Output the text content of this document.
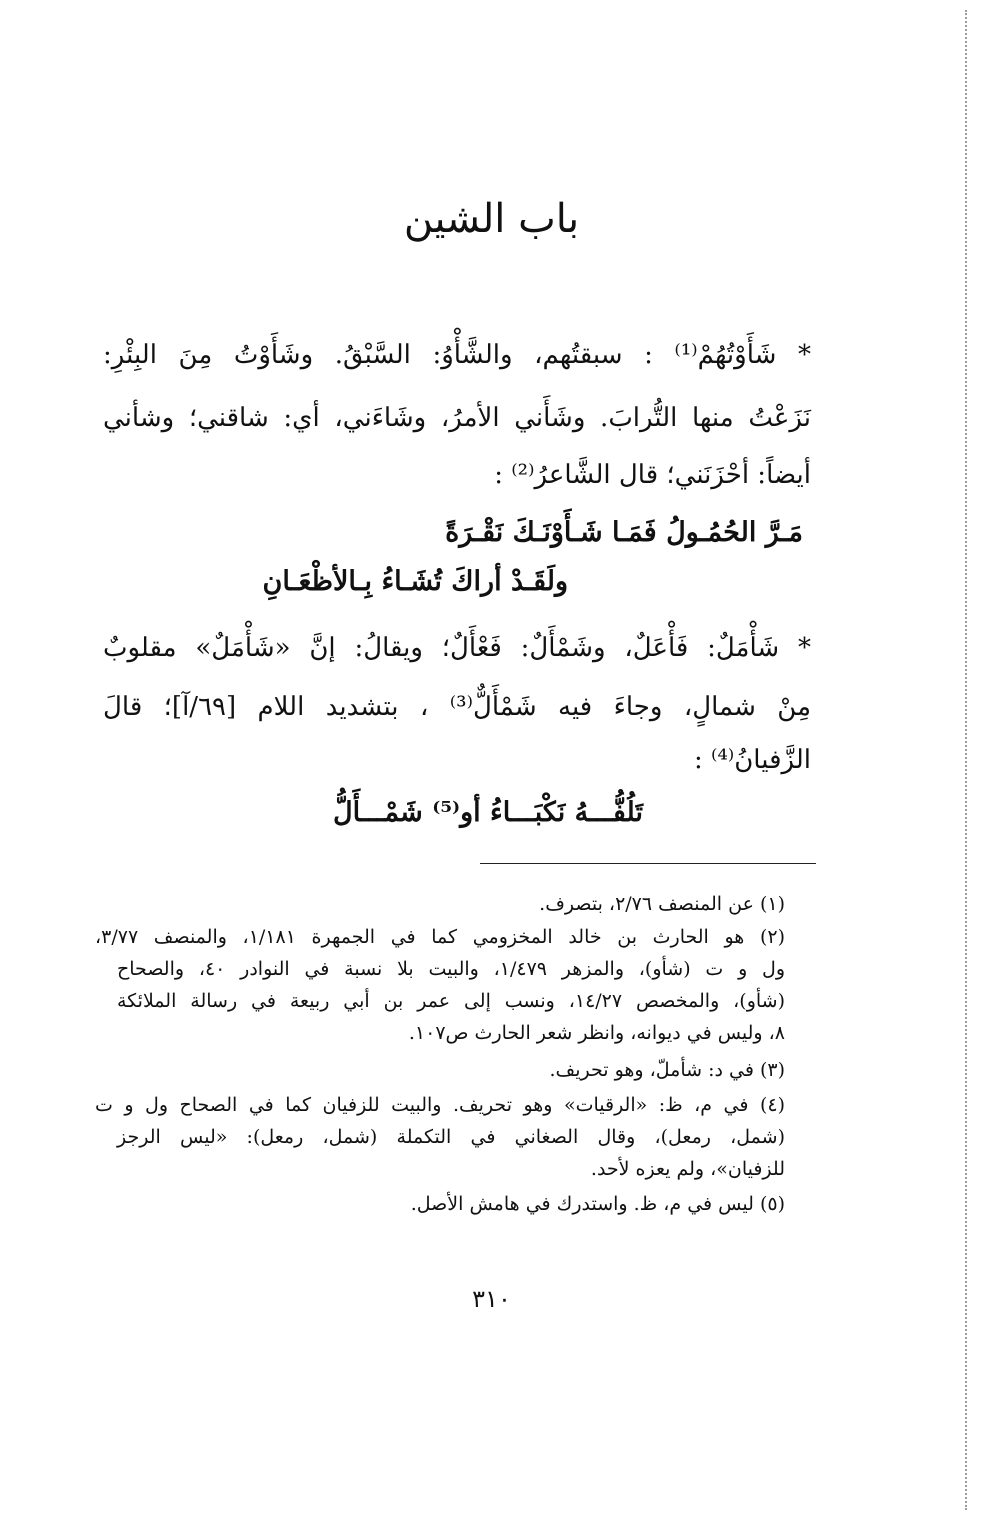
باب الشين
* شَأَوْتُهُمْ⁽¹⁾ : سبقتُهم، والشَّأْوُ: السَّبْقُ. وشَأَوْتُ مِنَ البِئْرِ:
نَزَعْتُ منها التُّرابَ. وشَأَني الأمرُ، وشَاءَني، أي: شاقني؛ وشأني
أيضاً: أحْزَنَني؛ قال الشَّاعرُ⁽²⁾ :
مَـرَّ الحُمُـولُ فَمَـا شَـأَوْنَـكَ نَقْـرَةً
ولَقَـدْ أراكَ تُشَـاءُ بِـالأظْعَـانِ
* شَأْمَلٌ: فَأْعَلٌ، وشَمْأَلٌ: فَعْأَلٌ؛ ويقالُ: إنَّ «شَأْمَلٌ» مقلوبٌ
مِنْ شمالٍ، وجاءَ فيه شَمْأَلٌّ⁽³⁾ ، بتشديد اللام [٦٩/آ]؛ قالَ
الزَّفيانُ⁽⁴⁾ :
تَلُفُّـــهُ نَكْبَـــاءُ أو⁽⁵⁾ شَمْـــأَلُّ
(١) عن المنصف ٢/٧٦، بتصرف.
(٢) هو الحارث بن خالد المخزومي كما في الجمهرة ١/١٨١، والمنصف ٣/٧٧،
ول و ت (شأو)، والمزهر ١/٤٧٩، والبيت بلا نسبة في النوادر ٤٠، والصحاح
(شأو)، والمخصص ١٤/٢٧، ونسب إلى عمر بن أبي ربيعة في رسالة الملائكة
٨، وليس في ديوانه، وانظر شعر الحارث ص١٠٧.
(٣) في د: شأملّ، وهو تحريف.
(٤) في م، ظ: «الرقيات» وهو تحريف. والبيت للزفيان كما في الصحاح ول و ت
(شمل، رمعل)، وقال الصغاني في التكملة (شمل، رمعل): «ليس الرجز
للزفيان»، ولم يعزه لأحد.
(٥) ليس في م، ظ. واستدرك في هامش الأصل.
٣١٠
